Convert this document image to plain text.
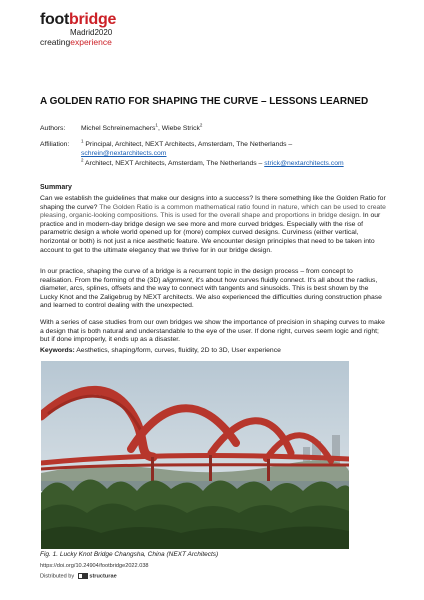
footbridge
Madrid2020
creatingexperience
A GOLDEN RATIO FOR SHAPING THE CURVE – LESSONS LEARNED
Authors:	Michel Schreinemachers$^1$, Wiebe Strick$^2$
Affiliation:	$^1$ Principal, Architect, NEXT Architects, Amsterdam, The Netherlands –
schrein@nextarchitects.com
$^2$ Architect, NEXT Architects, Amsterdam, The Netherlands – strick@nextarchitects.com
Summary

Can we establish the guidelines that make our designs into a success? Is there something like the Golden Ratio for shaping the curve? The Golden Ratio is a common mathematical ratio found in nature, which can be used to create pleasing, organic-looking compositions. This is used for the overall shape and proportions in bridge design. In our practice and in modern-day bridge design we see more and more curved bridges. Especially with the rise of parametric design a whole world opened up for (more) complex curved designs. Curviness (either vertical, horizontal or both) is not just a nice aesthetic feature. We encounter design principles that need to be taken into account to get to the ultimate elegancy that we thrive for in our bridge design.

In our practice, shaping the curve of a bridge is a recurrent topic in the design process – from concept to realisation. From the forming of the (3D) alignment, it's about how curves fluidly connect. It's all about the radius, diameter, arcs, splines, offsets and the way to connect with tangents and sinusoids. This is best shown by the Lucky Knot and the Zaligebrug by NEXT architects. We also experienced the difficulties during construction phase and learned to control dealing with the unexpected.

With a series of case studies from our own bridges we show the importance of precision in shaping curves to make a design that is both natural and understandable to the eye of the user. If done right, curves seem logic and right; but if done improperly, it ends up as a disaster.

Keywords: Aesthetics, shaping/form, curves, fluidity, 2D to 3D, User experience

Fig. 1. Lucky Knot Bridge Changsha, China (NEXT Architects)
https://doi.org/10.24904/footbridge2022.038
Distributed by  structurae
